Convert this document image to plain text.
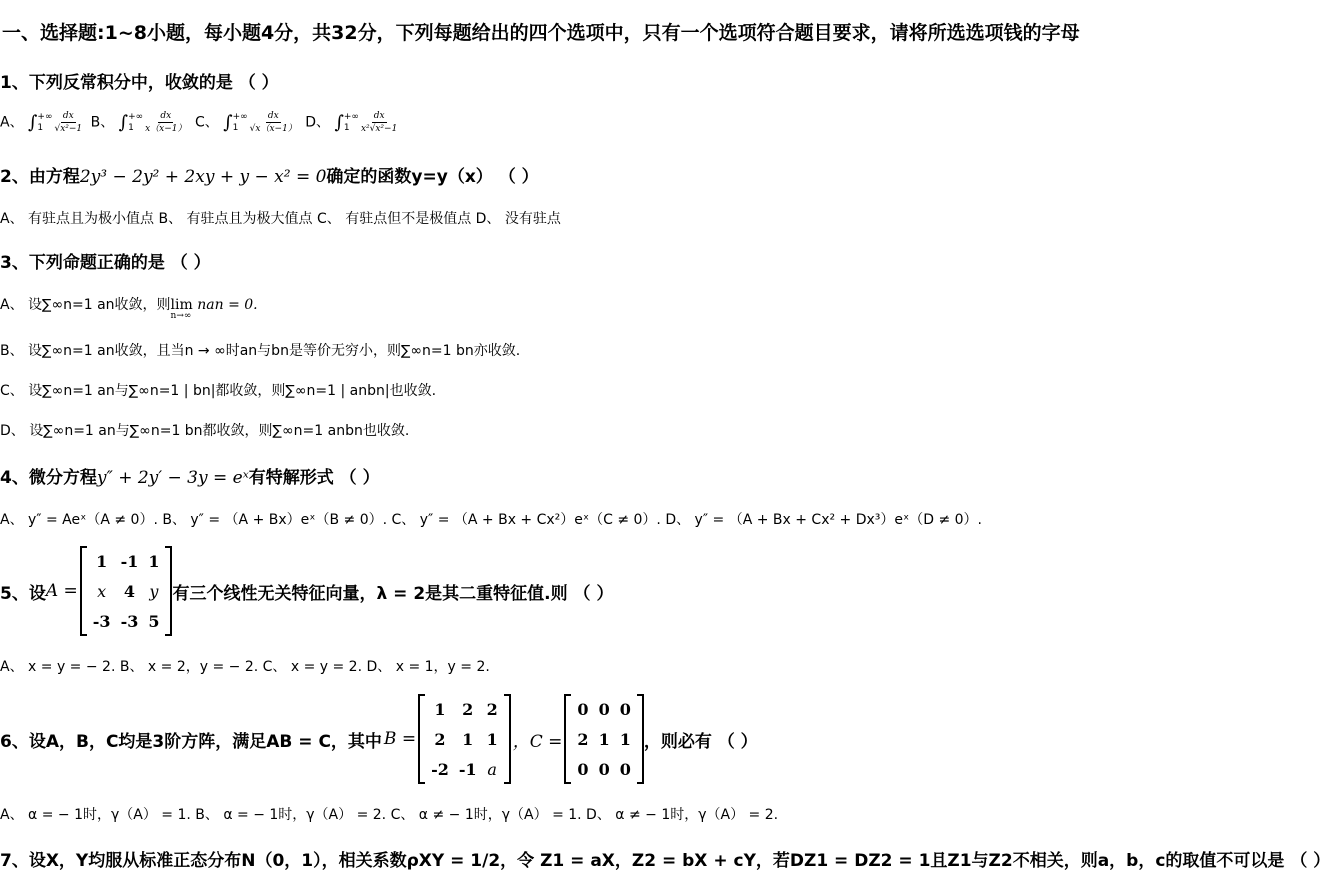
一、选择题:1~8小题，每小题4分，共32分，下列每题给出的四个选项中，只有一个选项符合题目要求，请将所选选项钱的字母
1、下列反常积分中，收敛的是 （ ）
A、 ∫ +∞
1	$\frac{dx}{\text{√x²−1}}$ B、 ∫ +∞
1	$\frac{dx}{x(x-1)}$ C、 ∫ +∞
1	$\frac{dx}{√x(x-1)}$ D、 ∫ +∞
1	$\frac{dx}{\text{x²√x²−1}}$
2、由方程2y³ − 2y² + 2xy + y − x² = 0确定的函数y=y（x） （ ）
A、 有驻点且为极小值点 B、 有驻点且为极大值点 C、 有驻点但不是极值点 D、 没有驻点
3、下列命题正确的是 （ ）
A、 设∑∞n=1 an收敛，则lim
n→∞
nan = 0.
B、 设∑∞n=1 an收敛，且当n → ∞时an与bn是等价无穷小，则∑∞n=1 bn亦收敛.
C、 设∑∞n=1 an与∑∞n=1 | bn|都收敛，则∑∞n=1 | anbn|也收敛.
D、 设∑∞n=1 an与∑∞n=1 bn都收敛，则∑∞n=1 anbn也收敛.
4、微分方程y″ + 2y′ − 3y = eˣ有特解形式 （ ）
A、 y″ = Aeˣ（A ≠ 0）. B、 y″ = （A + Bx）eˣ（B ≠ 0）. C、 y″ = （A + Bx + Cx²）eˣ（C ≠ 0）. D、 y″ = （A + Bx + Cx² + Dx³）eˣ（D ≠ 0）.
5、设 A =
1	-1	1
x	4	y
-3	-3	5
有三个线性无关特征向量，λ = 2是其二重特征值.则 （ ）
A、 x = y = − 2. B、 x = 2，y = − 2. C、 x = y = 2. D、 x = 1，y = 2.
6、设A，B，C均是3阶方阵，满足AB = C，其中 B =
1	2	2
2	1	1
-2	-1	a
，C =
0	0	0
2	1	1
0	0	0
，则必有 （ ）
A、 α = − 1时，γ（A） = 1. B、 α = − 1时，γ（A） = 2. C、 α ≠ − 1时，γ（A） = 1. D、 α ≠ − 1时，γ（A） = 2.
7、设X，Y均服从标准正态分布N（0，1），相关系数ρXY = 1/2，令 Z1 = aX，Z2 = bX + cY，若DZ1 = DZ2 = 1且Z1与Z2不相关，则a，b，c的取值不可以是 （ ）
